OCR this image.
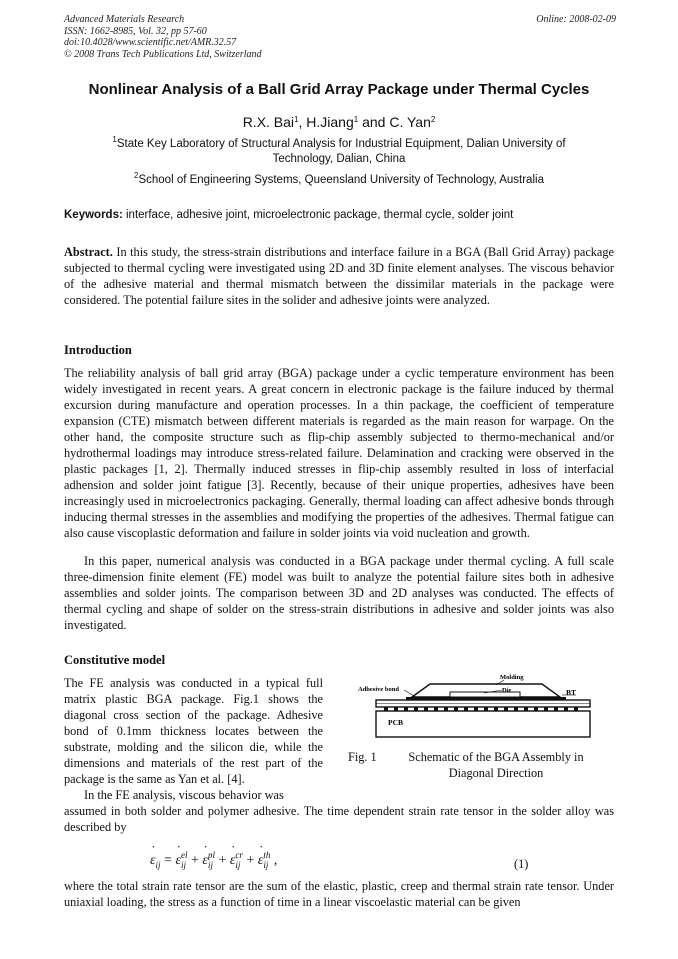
Advanced Materials Research
ISSN: 1662-8985, Vol. 32, pp 57-60
doi:10.4028/www.scientific.net/AMR.32.57
© 2008 Trans Tech Publications Ltd, Switzerland
Online: 2008-02-09
Nonlinear Analysis of a Ball Grid Array Package under Thermal Cycles
R.X. Bai$^1$, H.Jiang$^1$ and C. Yan$^2$
$^1$State Key Laboratory of Structural Analysis for Industrial Equipment, Dalian University of Technology, Dalian, China
$^2$School of Engineering Systems, Queensland University of Technology, Australia
Keywords: interface, adhesive joint, microelectronic package, thermal cycle, solder joint
Abstract. In this study, the stress-strain distributions and interface failure in a BGA (Ball Grid Array) package subjected to thermal cycling were investigated using 2D and 3D finite element analyses. The viscous behavior of the adhesive material and thermal mismatch between the dissimilar materials in the package were considered. The potential failure sites in the solider and adhesive joints were analyzed.
Introduction
The reliability analysis of ball grid array (BGA) package under a cyclic temperature environment has been widely investigated in recent years. A great concern in electronic package is the failure induced by thermal excursion during manufacture and operation processes. In a thin package, the coefficient of temperature expansion (CTE) mismatch between different materials is regarded as the main reason for warpage. On the other hand, the composite structure such as flip-chip assembly subjected to thermo-mechanical and/or hydrothermal loadings may introduce stress-related failure. Delamination and cracking were observed in the plastic packages [1, 2]. Thermally induced stresses in flip-chip assembly resulted in loss of interfacial adhension and solder joint fatigue [3]. Recently, because of their unique properties, adhesives have been increasingly used in microelectronics packaging. Generally, thermal loading can affect adhesive bonds through inducing thermal stresses in the assemblies and modifying the properties of the adhesives. Thermal fatigue can also cause viscoplastic deformation and failure in solder joints via void nucleation and growth.
In this paper, numerical analysis was conducted in a BGA package under thermal cycling. A full scale three-dimension finite element (FE) model was built to analyze the potential failure sites both in adhesive assemblies and solder joints. The comparison between 3D and 2D analyses was conducted. The effects of thermal cycling and shape of solder on the stress-strain distributions in adhesive and solder joints was also investigated.
Constitutive model
The FE analysis was conducted in a typical full matrix plastic BGA package. Fig.1 shows the diagonal cross section of the package. Adhesive bond of 0.1mm thickness locates between the substrate, molding and the silicon die, while the dimensions and materials of the rest part of the package is the same as Yan et al. [4].
In the FE analysis, viscous behavior was
PCB
Molding
Adhesive bond	Die	BT
Fig. 1	Schematic of the BGA Assembly in Diagonal Direction
assumed in both solder and polymer adhesive. The time dependent strain rate tensor in the solder alloy was described by
ε $˙_{ij} = \varepsilon$ $˙_{ij}^{el} + \varepsilon$ $˙_{ij}^{pl} + \varepsilon$ $˙_{ij}^{cr} + \varepsilon$ $˙_{ij}^{th}$ ,	(1)
where the total strain rate tensor are the sum of the elastic, plastic, creep and thermal strain rate tensor. Under uniaxial loading, the stress as a function of time in a linear viscoelastic material can be given
